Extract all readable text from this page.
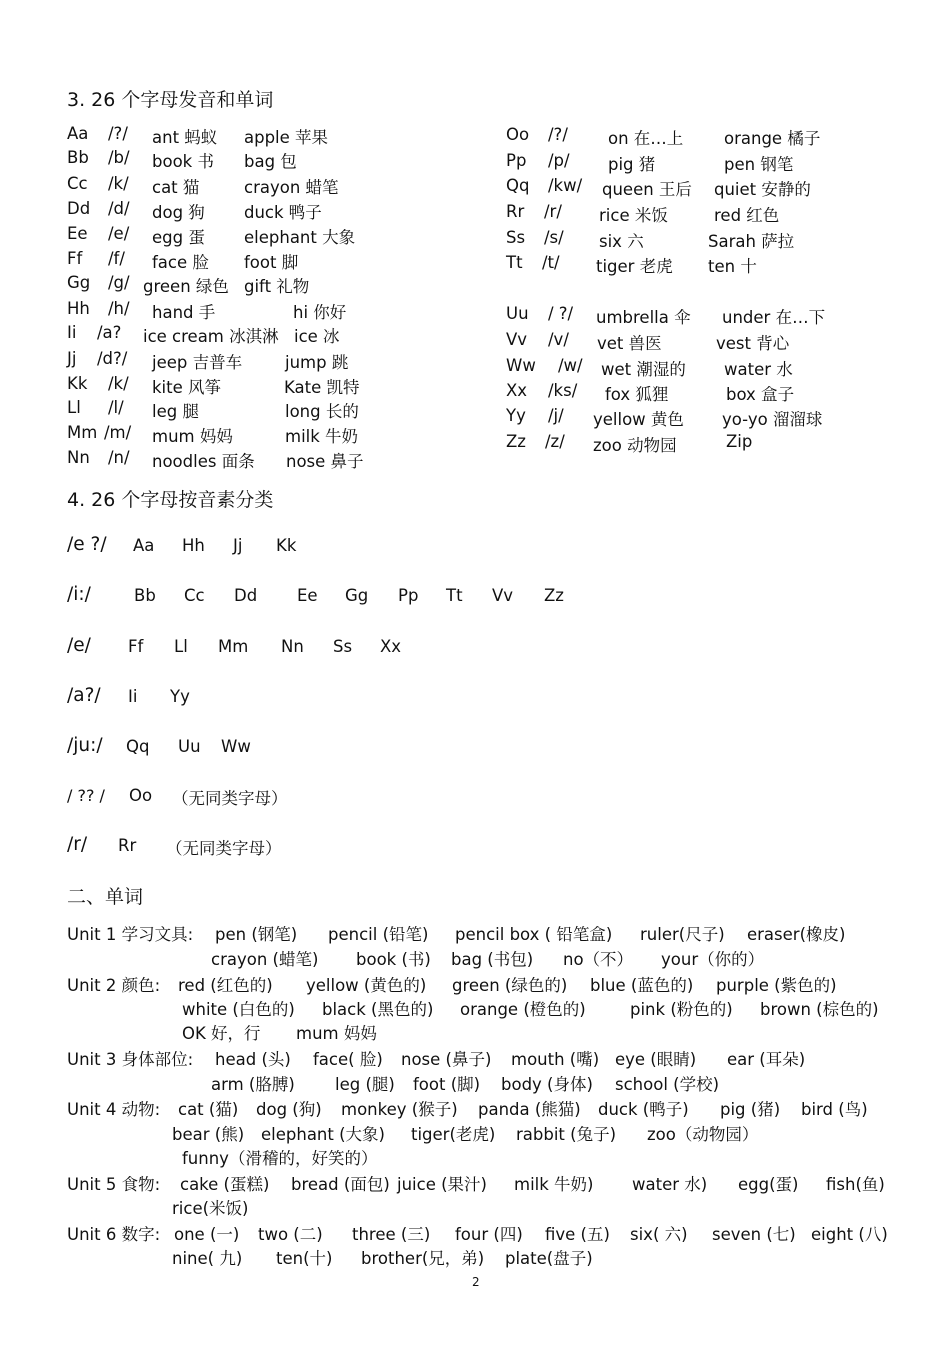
3. 26 个字母发音和单词
4. 26 个字母按音素分类
二、单词
Aa /?/ ant 蚂蚁 apple 苹果
Bb /b/ book 书 bag 包
Cc /k/ cat 猫	crayon 蜡笔
Dd /d/ dog 狗 duck 鸭子
Ee /e/ egg 蛋 elephant 大象
Ff /f/ face 脸 foot 脚
Gg /g/ green 绿色 gift 礼物
Hh /h/ hand 手	hi 你好
Ii /a? ice cream 冰淇淋 ice 冰
Jj /d?/ jeep 吉普车	jump 跳
Kk /k/ kite 风筝	Kate 凯特
Ll /l/ leg 腿	long 长的
Mm /m/ mum 妈妈	milk 牛奶
Nn /n/ noodles 面条 nose 鼻子
Oo /?/ on 在…上 orange 橘子
Pp /p/ pig 猪	pen 钢笔
Qq /kw/ queen 王后 quiet 安静的
Rr /r/ rice 米饭	red 红色
Ss /s/ six 六	Sarah 萨拉
Tt /t/ tiger 老虎 ten 十
Uu / ?/ umbrella 伞 under 在…下
Vv /v/ vet 兽医	vest 背心
Ww /w/ wet 潮湿的 water 水
Xx /ks/ fox 狐狸	box 盒子
Yy /j/ yellow 黄色 yo-yo 溜溜球
Zz /z/ zoo 动物园	Zip
/e ?/ Aa Hh Jj Kk
/i:/	Bb Cc Dd Ee Gg Pp Tt Vv Zz
/e/ Ff Ll Mm Nn Ss Xx
/a?/ Ii Yy
/ju:/ Qq Uu Ww
/ ?? / Oo （无同类字母）
/r/ Rr （无同类字母）
Unit 1 学习文具: pen (钢笔) pencil (铅笔) pencil box ( 铅笔盒) ruler(尺子) eraser(橡皮)
crayon (蜡笔) book (书) bag (书包) no（不） your（你的）
Unit 2 颜色: red (红色的) yellow (黄色的) green (绿色的) blue (蓝色的) purple (紫色的)
white (白色的) black (黑色的) orange (橙色的)	pink (粉色的) brown (棕色的)
OK 好，行 mum 妈妈
Unit 3 身体部位: head (头) face( 脸) nose (鼻子) mouth (嘴) eye (眼睛) ear (耳朵)
arm (胳膊) leg (腿) foot (脚) body (身体) school (学校)
Unit 4 动物: cat (猫) dog (狗) monkey (猴子) panda (熊猫) duck (鸭子) pig (猪) bird (鸟)
bear (熊) elephant (大象) tiger(老虎) rabbit (兔子) zoo（动物园）
funny（滑稽的，好笑的）
Unit 5 食物: cake (蛋糕) bread (面包) juice (果汁) milk 牛奶) water 水) egg(蛋) fish(鱼)
rice(米饭)
Unit 6 数字: one (一) two (二) three (三) four (四) five (五) six( 六) seven (七) eight (八)
nine( 九) ten(十) brother(兄，弟) plate(盘子)
2
